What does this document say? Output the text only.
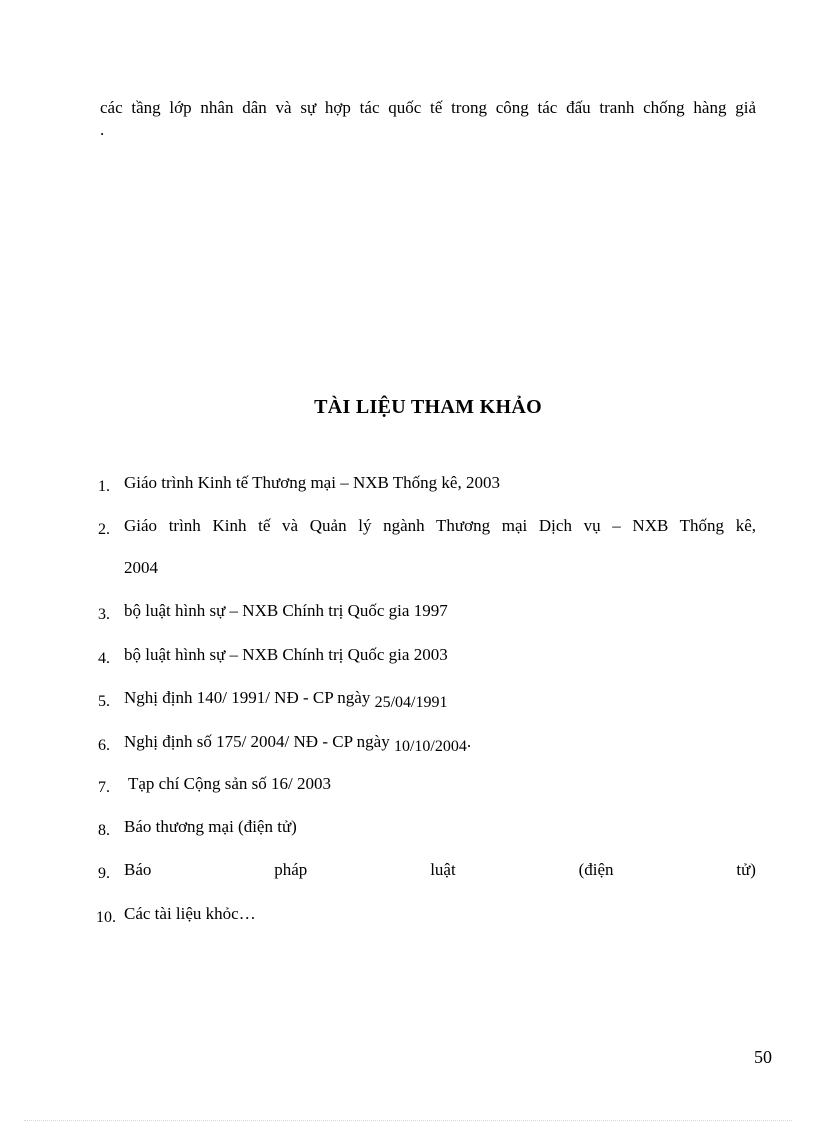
các tầng lớp nhân dân và sự hợp tác quốc tế trong công tác đấu tranh chống hàng giả
.
TÀI LIỆU THAM KHẢO
1. Giáo trình Kinh tế Thương mại – NXB Thống kê, 2003
2. Giáo trình Kinh tế và Quản lý ngành Thương mại Dịch vụ – NXB Thống kê,
2004
3. bộ luật hình sự – NXB Chính trị Quốc gia 1997
4. bộ luật hình sự – NXB Chính trị Quốc gia 2003
5. Nghị định 140/ 1991/ NĐ - CP ngày 25/04/1991
6. Nghị định số 175/ 2004/ NĐ - CP ngày 10/10/2004.
7. Tạp chí Cộng sản số 16/ 2003
8. Báo thương mại (điện tử)
9. Báo	pháp	luật	(điện	tử)
10. Các tài liệu khỏc…
50
